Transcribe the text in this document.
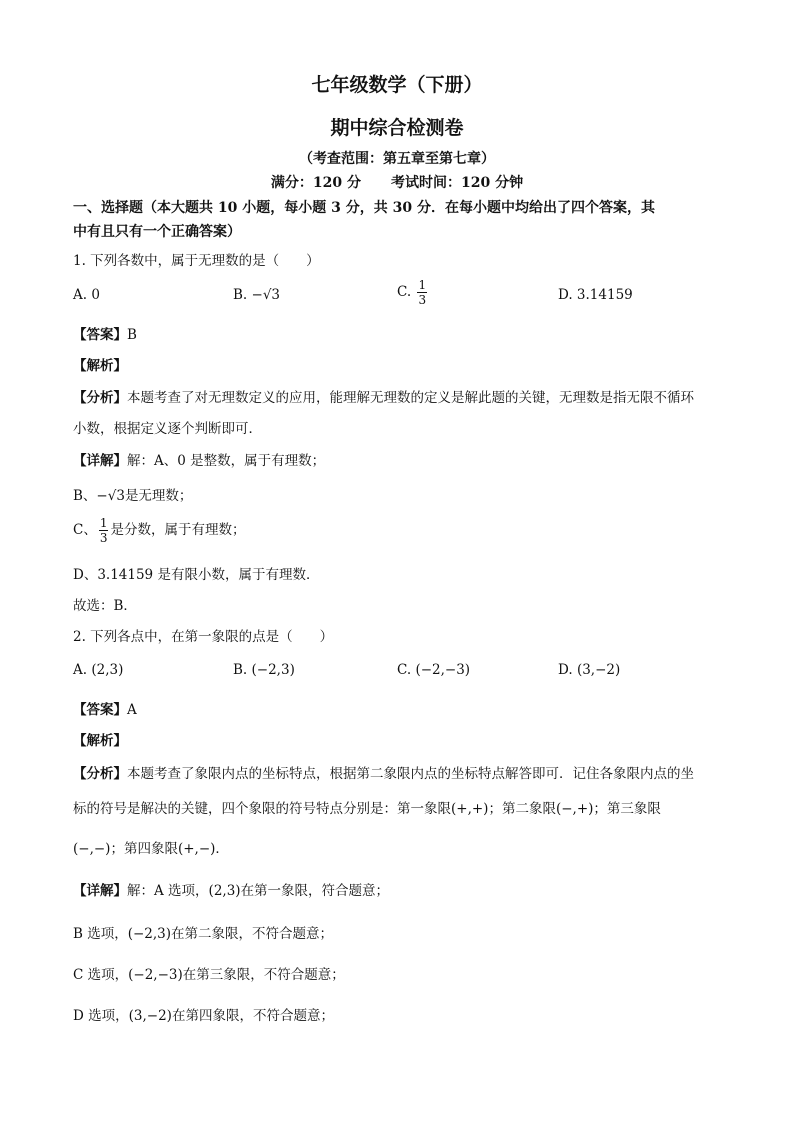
七年级数学（下册）
期中综合检测卷
（考查范围：第五章至第七章）
满分：120 分 考试时间：120 分钟
一、选择题（本大题共 10 小题，每小题 3 分，共 30 分．在每小题中均给出了四个答案，其
中有且只有一个正确答案）
1. 下列各数中，属于无理数的是（　　）
A. 0	B. −√3	C. $\frac{1}{3}$	D. 3.14159
【答案】B
【解析】
【分析】本题考查了对无理数定义的应用，能理解无理数的定义是解此题的关键，无理数是指无限不循环
小数，根据定义逐个判断即可．
【详解】解：A、0 是整数，属于有理数；
B、−√3是无理数；
C、 $\frac{1}{3}$ 是分数，属于有理数；
D、3.14159 是有限小数，属于有理数．
故选：B．
2. 下列各点中，在第一象限的点是（　　）
A. (2,3)	B. (−2,3)	C. (−2,−3)	D. (3,−2)
【答案】A
【解析】
【分析】本题考查了象限内点的坐标特点，根据第二象限内点的坐标特点解答即可．记住各象限内点的坐
标的符号是解决的关键，四个象限的符号特点分别是：第一象限(+,+)；第二象限(−,+)；第三象限
(−,−)；第四象限(+,−)．
【详解】解：A 选项，(2,3)在第一象限，符合题意；
B 选项，(−2,3)在第二象限，不符合题意；
C 选项，(−2,−3)在第三象限，不符合题意；
D 选项，(3,−2)在第四象限，不符合题意；
